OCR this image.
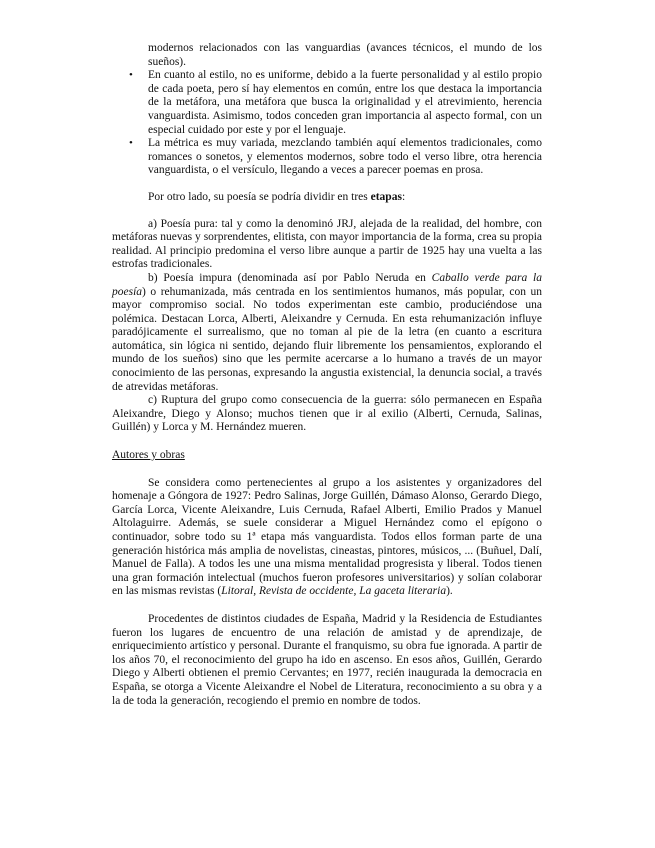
modernos relacionados con las vanguardias (avances técnicos, el mundo de los sueños).

• En cuanto al estilo, no es uniforme, debido a la fuerte personalidad y al estilo propio de cada poeta, pero sí hay elementos en común, entre los que destaca la importancia de la metáfora, una metáfora que busca la originalidad y el atrevimiento, herencia vanguardista. Asimismo, todos conceden gran importancia al aspecto formal, con un especial cuidado por este y por el lenguaje.
• La métrica es muy variada, mezclando también aquí elementos tradicionales, como romances o sonetos, y elementos modernos, sobre todo el verso libre, otra herencia vanguardista, o el versículo, llegando a veces a parecer poemas en prosa.

Por otro lado, su poesía se podría dividir en tres etapas:

a) Poesía pura: tal y como la denominó JRJ, alejada de la realidad, del hombre, con metáforas nuevas y sorprendentes, elitista, con mayor importancia de la forma, crea su propia realidad. Al principio predomina el verso libre aunque a partir de 1925 hay una vuelta a las estrofas tradicionales.

b) Poesía impura (denominada así por Pablo Neruda en Caballo verde para la poesía) o rehumanizada, más centrada en los sentimientos humanos, más popular, con un mayor compromiso social. No todos experimentan este cambio, produciéndose una polémica. Destacan Lorca, Alberti, Aleixandre y Cernuda. En esta rehumanización influye paradójicamente el surrealismo, que no toman al pie de la letra (en cuanto a escritura automática, sin lógica ni sentido, dejando fluir libremente los pensamientos, explorando el mundo de los sueños) sino que les permite acercarse a lo humano a través de un mayor conocimiento de las personas, expresando la angustia existencial, la denuncia social, a través de atrevidas metáforas.

c) Ruptura del grupo como consecuencia de la guerra: sólo permanecen en España Aleixandre, Diego y Alonso; muchos tienen que ir al exilio (Alberti, Cernuda, Salinas, Guillén) y Lorca y M. Hernández mueren.

Autores y obras

Se considera como pertenecientes al grupo a los asistentes y organizadores del homenaje a Góngora de 1927: Pedro Salinas, Jorge Guillén, Dámaso Alonso, Gerardo Diego, García Lorca, Vicente Aleixandre, Luis Cernuda, Rafael Alberti, Emilio Prados y Manuel Altolaguirre. Además, se suele considerar a Miguel Hernández como el epígono o continuador, sobre todo su 1ª etapa más vanguardista. Todos ellos forman parte de una generación histórica más amplia de novelistas, cineastas, pintores, músicos, ... (Buñuel, Dalí, Manuel de Falla). A todos les une una misma mentalidad progresista y liberal. Todos tienen una gran formación intelectual (muchos fueron profesores universitarios) y solían colaborar en las mismas revistas (Litoral, Revista de occidente, La gaceta literaria).

Procedentes de distintos ciudades de España, Madrid y la Residencia de Estudiantes fueron los lugares de encuentro de una relación de amistad y de aprendizaje, de enriquecimiento artístico y personal. Durante el franquismo, su obra fue ignorada. A partir de los años 70, el reconocimiento del grupo ha ido en ascenso. En esos años, Guillén, Gerardo Diego y Alberti obtienen el premio Cervantes; en 1977, recién inaugurada la democracia en España, se otorga a Vicente Aleixandre el Nobel de Literatura, reconocimiento a su obra y a la de toda la generación, recogiendo el premio en nombre de todos.
